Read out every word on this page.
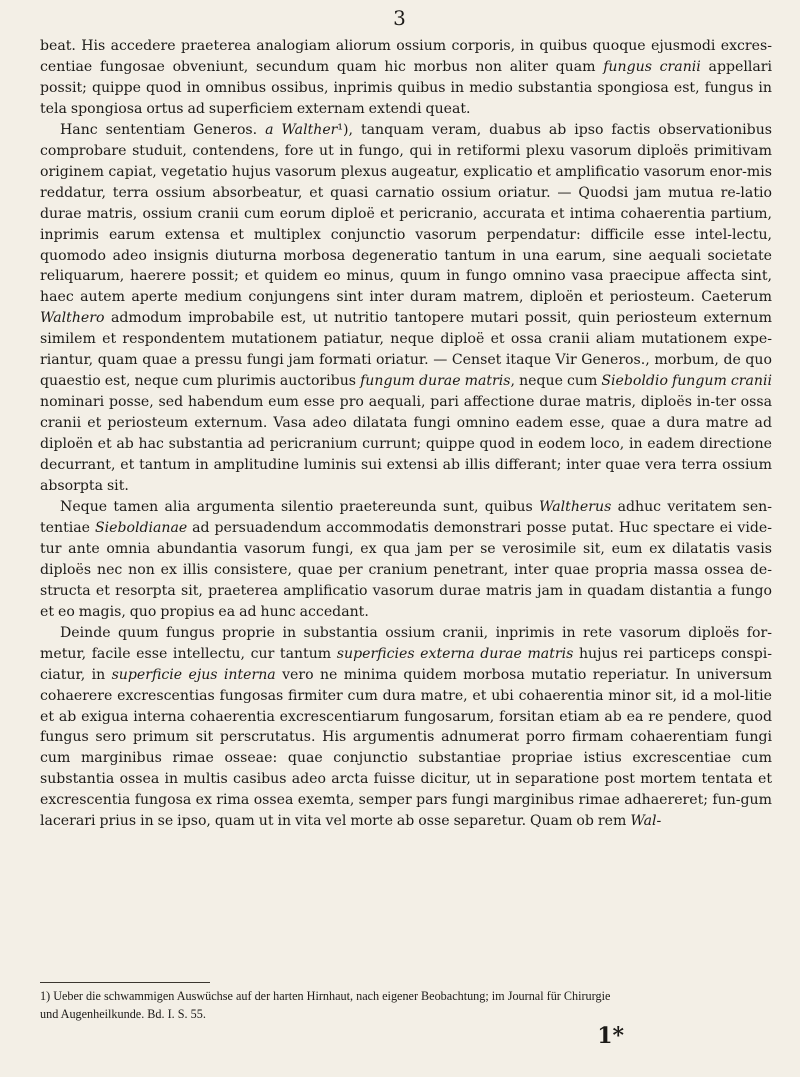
3

beat. His accedere praeterea analogiam aliorum ossium corporis, in quibus quoque ejusmodi excres-centiae fungosae obveniunt, secundum quam hic morbus non aliter quam fungus cranii appellari possit; quippe quod in omnibus ossibus, inprimis quibus in medio substantia spongiosa est, fungus in tela spongiosa ortus ad superficiem externam extendi queat.

Hanc sententiam Generos. a Walther¹), tanquam veram, duabus ab ipso factis observationibus comprobare studuit, contendens, fore ut in fungo, qui in retiformi plexu vasorum diploës primitivam originem capiat, vegetatio hujus vasorum plexus augeatur, explicatio et amplificatio vasorum enor-mis reddatur, terra ossium absorbeatur, et quasi carnatio ossium oriatur. — Quodsi jam mutua re-latio durae matris, ossium cranii cum eorum diploë et pericranio, accurata et intima cohaerentia partium, inprimis earum extensa et multiplex conjunctio vasorum perpendatur: difficile esse intel-lectu, quomodo adeo insignis diuturna morbosa degeneratio tantum in una earum, sine aequali societate reliquarum, haerere possit; et quidem eo minus, quum in fungo omnino vasa praecipue affecta sint, haec autem aperte medium conjungens sint inter duram matrem, diploën et periosteum. Caeterum Walthero admodum improbabile est, ut nutritio tantopere mutari possit, quin periosteum externum similem et respondentem mutationem patiatur, neque diploë et ossa cranii aliam mutationem expe-riantur, quam quae a pressu fungi jam formati oriatur. — Censet itaque Vir Generos., morbum, de quo quaestio est, neque cum plurimis auctoribus fungum durae matris, neque cum Sieboldio fungum cranii nominari posse, sed habendum eum esse pro aequali, pari affectione durae matris, diploës in-ter ossa cranii et periosteum externum. Vasa adeo dilatata fungi omnino eadem esse, quae a dura matre ad diploën et ab hac substantia ad pericranium currunt; quippe quod in eodem loco, in eadem directione decurrant, et tantum in amplitudine luminis sui extensi ab illis differant; inter quae vera terra ossium absorpta sit.

Neque tamen alia argumenta silentio praetereunda sunt, quibus Waltherus adhuc veritatem sen-tentiae Sieboldianae ad persuadendum accommodatis demonstrari posse putat. Huc spectare ei vide-tur ante omnia abundantia vasorum fungi, ex qua jam per se verosimile sit, eum ex dilatatis vasis diploës nec non ex illis consistere, quae per cranium penetrant, inter quae propria massa ossea de-structa et resorpta sit, praeterea amplificatio vasorum durae matris jam in quadam distantia a fungo et eo magis, quo propius ea ad hunc accedant.

Deinde quum fungus proprie in substantia ossium cranii, inprimis in rete vasorum diploës for-metur, facile esse intellectu, cur tantum superficies externa durae matris hujus rei particeps conspi-ciatur, in superficie ejus interna vero ne minima quidem morbosa mutatio reperiatur. In universum cohaerere excrescentias fungosas firmiter cum dura matre, et ubi cohaerentia minor sit, id a mol-litie et ab exigua interna cohaerentia excrescentiarum fungosarum, forsitan etiam ab ea re pendere, quod fungus sero primum sit perscrutatus. His argumentis adnumerat porro firmam cohaerentiam fungi cum marginibus rimae osseae: quae conjunctio substantiae propriae istius excrescentiae cum substantia ossea in multis casibus adeo arcta fuisse dicitur, ut in separatione post mortem tentata et excrescentia fungosa ex rima ossea exemta, semper pars fungi marginibus rimae adhaereret; fun-gum lacerari prius in se ipso, quam ut in vita vel morte ab osse separetur. Quam ob rem Wal-

1) Ueber die schwammigen Auswüchse auf der harten Hirnhaut, nach eigener Beobachtung; im Journal für Chirurgie
und Augenheilkunde. Bd. I. S. 55.
1*
